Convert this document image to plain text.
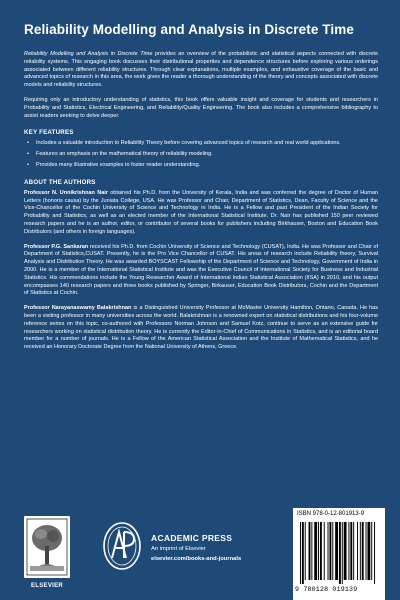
Reliability Modelling and Analysis in Discrete Time

Reliability Modelling and Analysis in Discrete Time provides an overview of the probabilistic and statistical aspects connected with discrete reliability systems. This engaging book discusses their distributional properties and dependence structures before exploring various orderings associated between different reliability structures. Through clear explanations, multiple examples, and exhaustive coverage of the basic and advanced topics of research in this area, the work gives the reader a thorough understanding of the theory and concepts associated with discrete models and reliability structures.

Requiring only an introductory understanding of statistics, this book offers valuable insight and coverage for students and researchers in Probability and Statistics, Electrical Engineering, and Reliability/Quality Engineering. The book also includes a comprehensive bibliography to assist readers seeking to delve deeper.

KEY FEATURES
• Includes a valuable introduction to Reliability Theory before covering advanced topics of research and real world applications.
• Features an emphasis on the mathematical theory of reliability modeling.
• Provides many illustrative examples to foster reader understanding.
ABOUT THE AUTHORS

Professor N. Unnikrishnan Nair obtained his Ph.D. from the University of Kerala, India and was conferred the degree of Doctor of Human Letters (honoris causa) by the Juniata College, USA. He was Professor and Chair, Department of Statistics, Dean, Faculty of Science and the Vice-Chancellor of the Cochin University of Science and Technology in India. He is a Fellow and past President of the Indian Society for Probability and Statistics, as well as an elected member of the International Statistical Institute. Dr. Nair has published 150 peer reviewed research papers and he is an author, editor, or contributor of several books for publishers including Birkhauser, Boston and Education Book Distributors (and others in foreign languages).

Professor P.G. Sankaran received his Ph.D. from Cochin University of Science and Technology (CUSAT), India. He was Professor and Chair of Department of Statistics,CUSAT. Presently, he is the Pro Vice Chancellor of CUSAT. His areas of research include Reliability theory, Survival Analysis and Distribution Theory. He was awarded BOYSCAST Fellowship of the Department of Science and Technology, Government of India in 2000. He is a member of the International Statistical Institute and was the Executive Council of International Society for Business and Industrial Statistics. His commendations include the Young Researcher Award of International Indian Statistical Association (IISA) in 2010, and his output encompasses 140 research papers and three books published by Springer, Birkauser, Education Book Distributors, Cochin and the Department of Statistics at Cochin.

Professor Narayanaswamy Balakrishnan is a Distinguished University Professor at McMaster University Hamilton, Ontario, Canada. He has been a visiting professor in many universities across the world. Balakrishnan is a renowned expert on statistical distributions and his four-volume reference series on this topic, co-authored with Professors Norman Johnson and Samuel Kotz, continue to serve as an extensive guide for researchers working on statistical distribution theory. He is currently the Editor-in-Chief of Communications in Statistics, and is an editorial board member for a number of journals. He is a Fellow of the American Statistical Association and the Institute of Mathematical Statistics, and he received an Honorary Doctorate Degree from the National University of Athens, Greece.

ELSEVIER
ACADEMIC PRESS
An imprint of Elsevier
elsevier.com/books-and-journals
ISBN 978-0-12-801913-9
9 780128 019139
